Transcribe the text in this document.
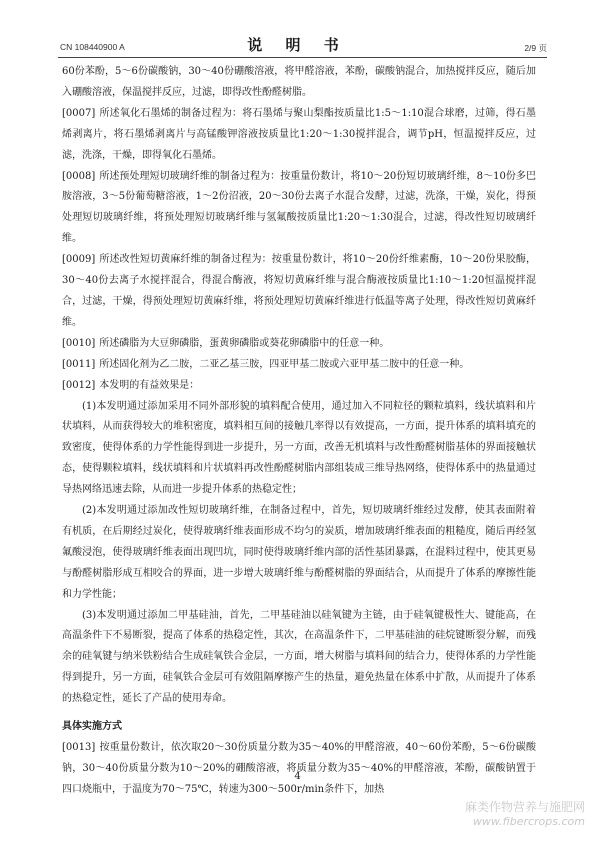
CN 108440900 A	说 明 书	2/9 页

60份苯酚，5～6份碳酸钠，30～40份硼酸溶液，将甲醛溶液，苯酚，碳酸钠混合，加热搅拌反应，随后加入硼酸溶液，保温搅拌反应，过滤，即得改性酚醛树脂。

[0007] 所述氧化石墨烯的制备过程为：将石墨烯与聚山梨酯按质量比1:5～1:10混合球磨，过筛，得石墨烯剥离片，将石墨烯剥离片与高锰酸钾溶液按质量比1:20～1:30搅拌混合，调节pH，恒温搅拌反应，过滤，洗涤，干燥，即得氧化石墨烯。

[0008] 所述预处理短切玻璃纤维的制备过程为：按重量份数计，将10～20份短切玻璃纤维，8～10份多巴胺溶液，3～5份葡萄糖溶液，1～2份沼液，20～30份去离子水混合发酵，过滤，洗涤，干燥，炭化，得预处理短切玻璃纤维，将预处理短切玻璃纤维与氢氟酸按质量比1:20～1:30混合，过滤，得改性短切玻璃纤维。

[0009] 所述改性短切黄麻纤维的制备过程为：按重量份数计，将10～20份纤维素酶，10～20份果胶酶，30～40份去离子水搅拌混合，得混合酶液，将短切黄麻纤维与混合酶液按质量比1:10～1:20恒温搅拌混合，过滤，干燥，得预处理短切黄麻纤维，将预处理短切黄麻纤维进行低温等离子处理，得改性短切黄麻纤维。

[0010] 所述磷脂为大豆卵磷脂，蛋黄卵磷脂或葵花卵磷脂中的任意一种。

[0011] 所述固化剂为乙二胺，二亚乙基三胺，四亚甲基二胺或六亚甲基二胺中的任意一种。

[0012] 本发明的有益效果是：

(1)本发明通过添加采用不同外部形貌的填料配合使用，通过加入不同粒径的颗粒填料，线状填料和片状填料，从而获得较大的堆积密度，填料相互间的接触几率得以有效提高，一方面，提升体系的填料填充的致密度，使得体系的力学性能得到进一步提升，另一方面，改善无机填料与改性酚醛树脂基体的界面接触状态，使得颗粒填料，线状填料和片状填料再改性酚醛树脂内部组装成三维导热网络，使得体系中的热量通过导热网络迅速去除，从而进一步提升体系的热稳定性；

(2)本发明通过添加改性短切玻璃纤维，在制备过程中，首先，短切玻璃纤维经过发酵，使其表面附着有机质，在后期经过炭化，使得玻璃纤维表面形成不均匀的炭质，增加玻璃纤维表面的粗糙度，随后再经氢氟酸浸泡，使得玻璃纤维表面出现凹坑，同时使得玻璃纤维内部的活性基团暴露，在混料过程中，使其更易与酚醛树脂形成互相咬合的界面，进一步增大玻璃纤维与酚醛树脂的界面结合，从而提升了体系的摩擦性能和力学性能；

(3)本发明通过添加二甲基硅油，首先，二甲基硅油以硅氧键为主链，由于硅氧键极性大、键能高，在高温条件下不易断裂，提高了体系的热稳定性，其次，在高温条件下，二甲基硅油的硅烷键断裂分解，而残余的硅氧键与纳米铁粉结合生成硅氧铁合金层，一方面，增大树脂与填料间的结合力，使得体系的力学性能得到提升，另一方面，硅氧铁合金层可有效阻隔摩擦产生的热量，避免热量在体系中扩散，从而提升了体系的热稳定性，延长了产品的使用寿命。

具体实施方式

[0013] 按重量份数计，依次取20～30份质量分数为35～40%的甲醛溶液，40～60份苯酚，5～6份碳酸钠，30～40份质量分数为10～20%的硼酸溶液，将质量分数为35～40%的甲醛溶液，苯酚，碳酸钠置于四口烧瓶中，于温度为70～75℃，转速为300～500r/min条件下，加热

4
麻类作物营养与施肥网
www.fibercrops.com
